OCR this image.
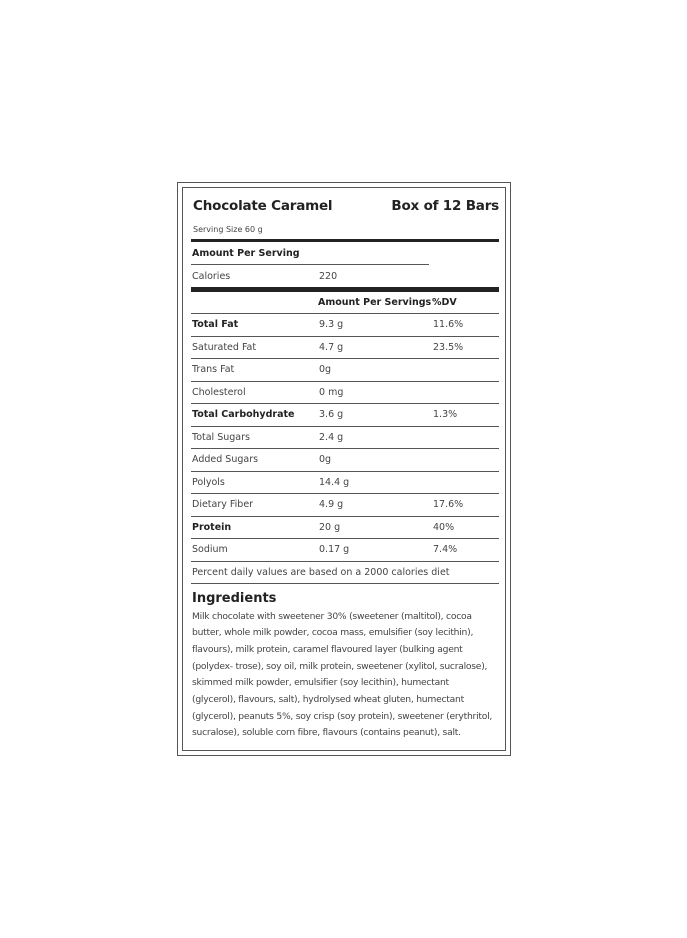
Chocolate Caramel	Box of 12 Bars
Serving Size 60 g
Amount Per Serving
Calories	220
Amount Per Servings %DV
Total Fat	9.3 g	11.6%
Saturated Fat	4.7 g	23.5%
Trans Fat	0g
Cholesterol	0 mg
Total Carbohydrate	3.6 g	1.3%
Total Sugars	2.4 g
Added Sugars	0g
Polyols	14.4 g
Dietary Fiber	4.9 g	17.6%
Protein	20 g	40%
Sodium	0.17 g	7.4%
Percent daily values are based on a 2000 calories diet
Ingredients
Milk chocolate with sweetener 30% (sweetener (maltitol), cocoa
butter, whole milk powder, cocoa mass, emulsifier (soy lecithin),
flavours), milk protein, caramel flavoured layer (bulking agent
(polydex- trose), soy oil, milk protein, sweetener (xylitol, sucralose),
skimmed milk powder, emulsifier (soy lecithin), humectant
(glycerol), flavours, salt), hydrolysed wheat gluten, humectant
(glycerol), peanuts 5%, soy crisp (soy protein), sweetener (erythritol,
sucralose), soluble corn fibre, flavours (contains peanut), salt.
